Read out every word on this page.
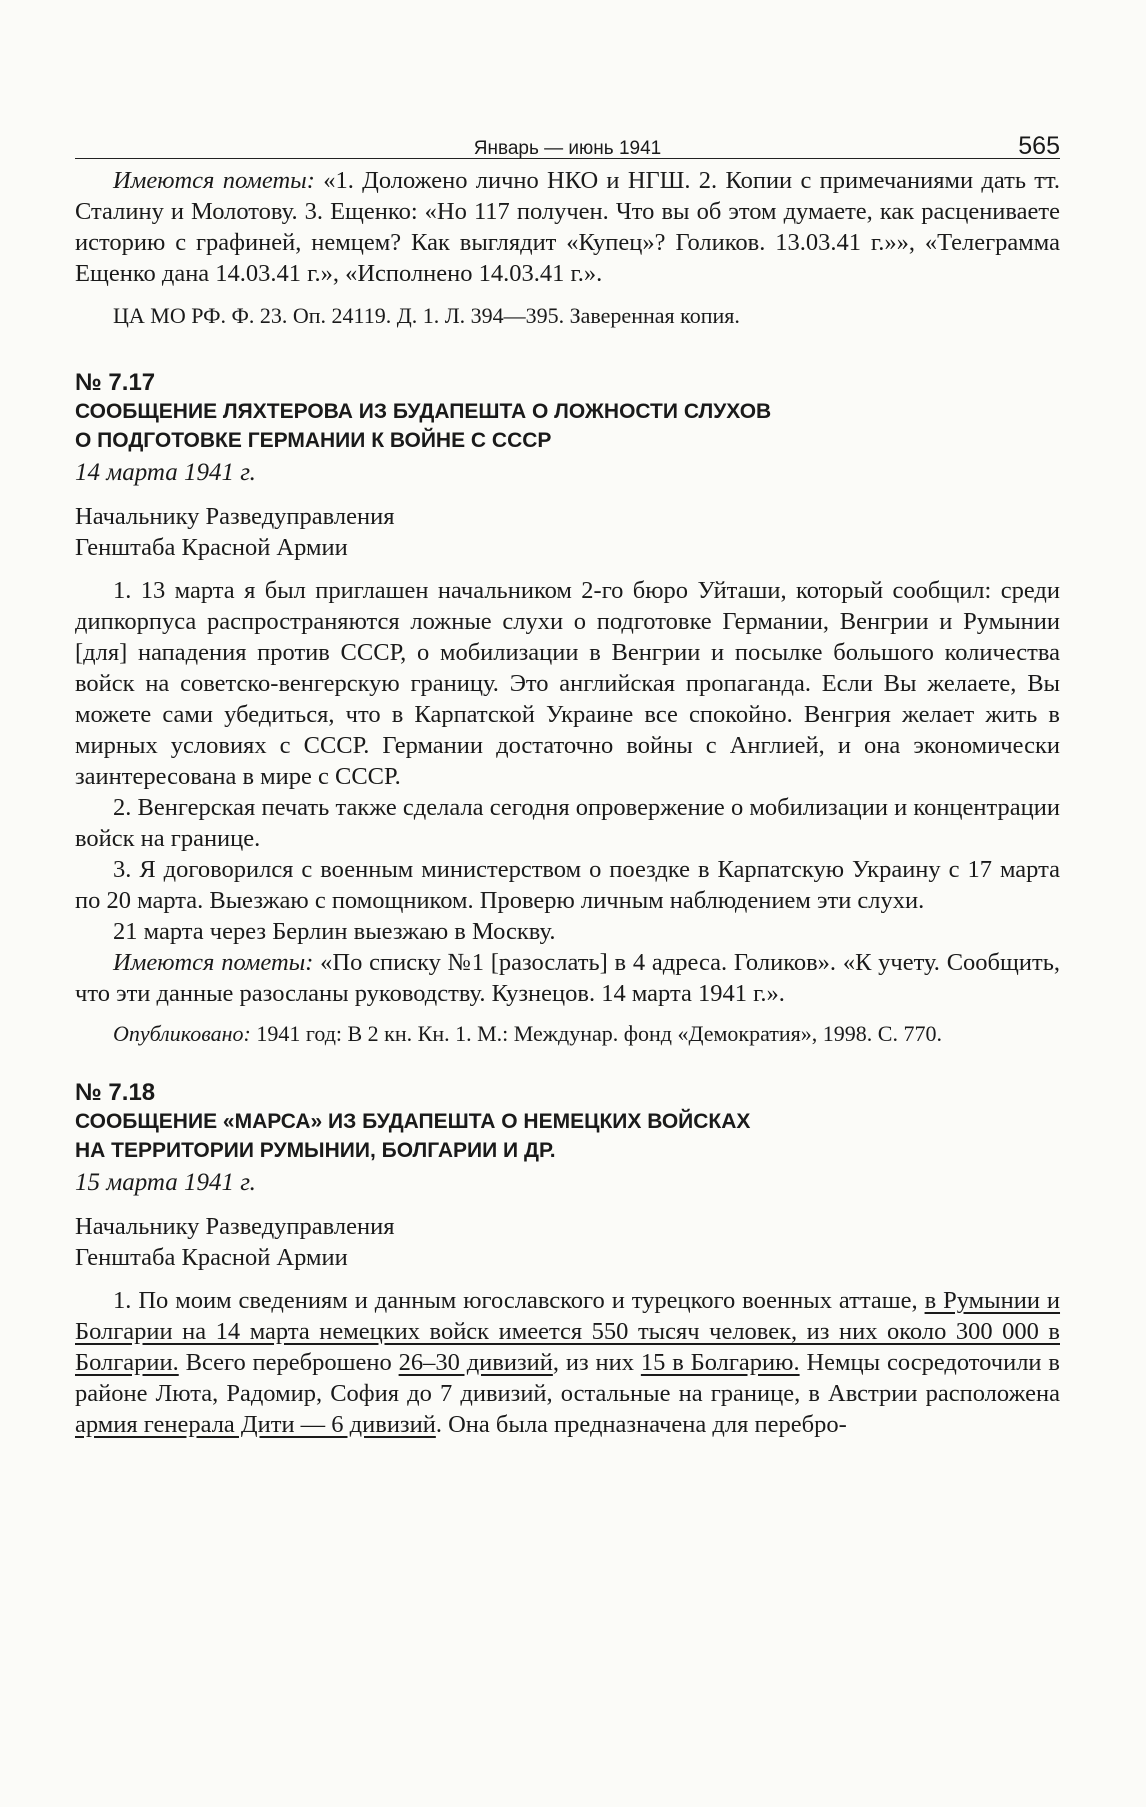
Январь — июнь 1941	565

Имеются пометы: «1. Доложено лично НКО и НГШ. 2. Копии с примечаниями дать тт. Сталину и Молотову. 3. Ещенко: «Но 117 получен. Что вы об этом думаете, как расцениваете историю с графиней, немцем? Как выглядит «Купец»? Голиков. 13.03.41 г.»», «Телеграмма Ещенко дана 14.03.41 г.», «Исполнено 14.03.41 г.».

ЦА МО РФ. Ф. 23. Оп. 24119. Д. 1. Л. 394—395. Заверенная копия.

№ 7.17
СООБЩЕНИЕ ЛЯХТЕРОВА ИЗ БУДАПЕШТА О ЛОЖНОСТИ СЛУХОВ
О ПОДГОТОВКЕ ГЕРМАНИИ К ВОЙНЕ С СССР
14 марта 1941 г.

Начальнику Разведуправления

Генштаба Красной Армии

1. 13 марта я был приглашен начальником 2-го бюро Уйташи, который сообщил: среди дипкорпуса распространяются ложные слухи о подготовке Германии, Венгрии и Румынии [для] нападения против СССР, о мобилизации в Венгрии и посылке большого количества войск на советско-венгерскую границу. Это английская пропаганда. Если Вы желаете, Вы можете сами убедиться, что в Карпатской Украине все спокойно. Венгрия желает жить в мирных условиях с СССР. Германии достаточно войны с Англией, и она экономически заинтересована в мире с СССР.

2. Венгерская печать также сделала сегодня опровержение о мобилизации и концентрации войск на границе.

3. Я договорился с военным министерством о поездке в Карпатскую Украину с 17 марта по 20 марта. Выезжаю с помощником. Проверю личным наблюдением эти слухи.

21 марта через Берлин выезжаю в Москву.

Имеются пометы: «По списку №1 [разослать] в 4 адреса. Голиков». «К учету. Сообщить, что эти данные разосланы руководству. Кузнецов. 14 марта 1941 г.».

Опубликовано: 1941 год: В 2 кн. Кн. 1. М.: Междунар. фонд «Демократия», 1998. С. 770.

№ 7.18
СООБЩЕНИЕ «МАРСА» ИЗ БУДАПЕШТА О НЕМЕЦКИХ ВОЙСКАХ
НА ТЕРРИТОРИИ РУМЫНИИ, БОЛГАРИИ И ДР.
15 марта 1941 г.

Начальнику Разведуправления

Генштаба Красной Армии

1. По моим сведениям и данным югославского и турецкого военных атташе, в Румынии и Болгарии на 14 марта немецких войск имеется 550 тысяч человек, из них около 300 000 в Болгарии. Всего переброшено 26–30 дивизий, из них 15 в Болгарию. Немцы сосредоточили в районе Люта, Радомир, София до 7 дивизий, остальные на границе, в Австрии расположена армия генерала Дити — 6 дивизий. Она была предназначена для перебро-
